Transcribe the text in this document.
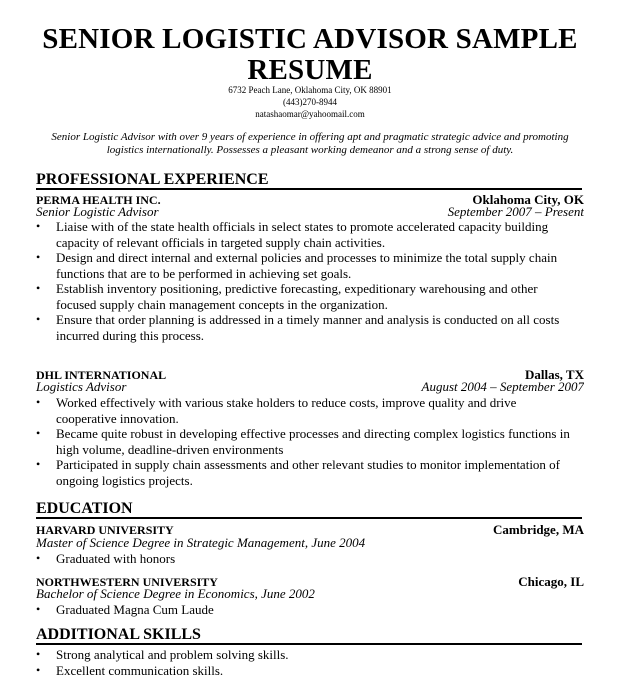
SENIOR LOGISTIC ADVISOR SAMPLE
RESUME
6732 Peach Lane, Oklahoma City, OK 88901
(443)270-8944
natashaomar@yahoomail.com
Senior Logistic Advisor with over 9 years of experience in offering apt and pragmatic strategic advice and promoting
logistics internationally. Possesses a pleasant working demeanor and a strong sense of duty.
PROFESSIONAL EXPERIENCE
PERMA HEALTH INC.	Oklahoma City, OK
Senior Logistic Advisor	September 2007 – Present
• Liaise with of the state health officials in select states to promote accelerated capacity building
capacity of relevant officials in targeted supply chain activities.
• Design and direct internal and external policies and processes to minimize the total supply chain
functions that are to be performed in achieving set goals.
• Establish inventory positioning, predictive forecasting, expeditionary warehousing and other
focused supply chain management concepts in the organization.
• Ensure that order planning is addressed in a timely manner and analysis is conducted on all costs
incurred during this process.
DHL INTERNATIONAL	Dallas, TX
Logistics Advisor	August 2004 – September 2007
• Worked effectively with various stake holders to reduce costs, improve quality and drive
cooperative innovation.
• Became quite robust in developing effective processes and directing complex logistics functions in
high volume, deadline-driven environments
• Participated in supply chain assessments and other relevant studies to monitor implementation of
ongoing logistics projects.
EDUCATION
HARVARD UNIVERSITY	Cambridge, MA
Master of Science Degree in Strategic Management, June 2004
• Graduated with honors
NORTHWESTERN UNIVERSITY	Chicago, IL
Bachelor of Science Degree in Economics, June 2002
• Graduated Magna Cum Laude
ADDITIONAL SKILLS
• Strong analytical and problem solving skills.
• Excellent communication skills.
